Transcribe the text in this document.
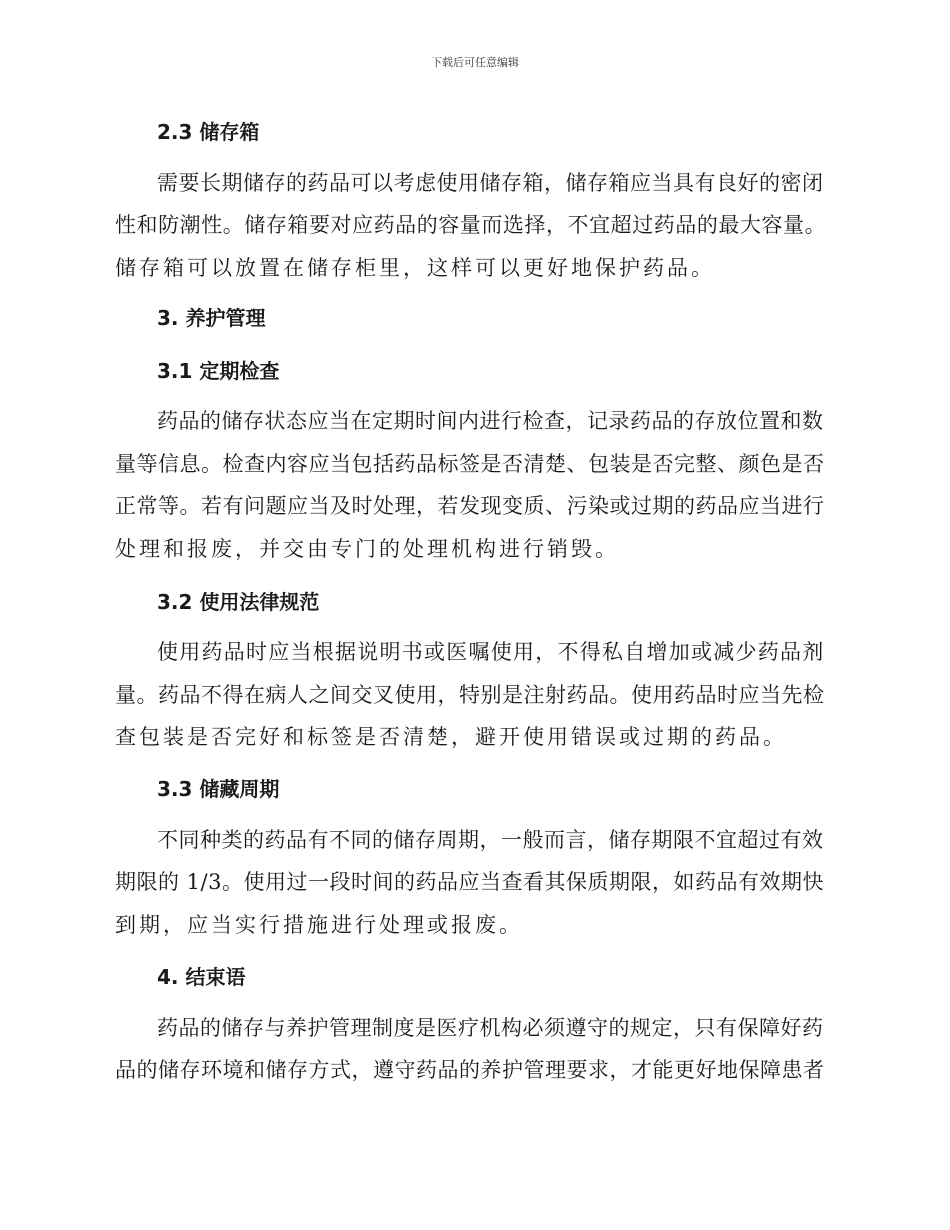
下载后可任意编辑
2.3 储存箱
需要长期储存的药品可以考虑使用储存箱，储存箱应当具有良好的密闭
性和防潮性。储存箱要对应药品的容量而选择，不宜超过药品的最大容量。
储存箱可以放置在储存柜里，这样可以更好地保护药品。
3. 养护管理
3.1 定期检查
药品的储存状态应当在定期时间内进行检查，记录药品的存放位置和数
量等信息。检查内容应当包括药品标签是否清楚、包装是否完整、颜色是否
正常等。若有问题应当及时处理，若发现变质、污染或过期的药品应当进行
处理和报废，并交由专门的处理机构进行销毁。
3.2 使用法律规范
使用药品时应当根据说明书或医嘱使用，不得私自增加或减少药品剂
量。药品不得在病人之间交叉使用，特别是注射药品。使用药品时应当先检
查包装是否完好和标签是否清楚，避开使用错误或过期的药品。
3.3 储藏周期
不同种类的药品有不同的储存周期，一般而言，储存期限不宜超过有效
期限的 1/3。使用过一段时间的药品应当查看其保质期限，如药品有效期快
到期，应当实行措施进行处理或报废。
4. 结束语
药品的储存与养护管理制度是医疗机构必须遵守的规定，只有保障好药
品的储存环境和储存方式，遵守药品的养护管理要求，才能更好地保障患者
